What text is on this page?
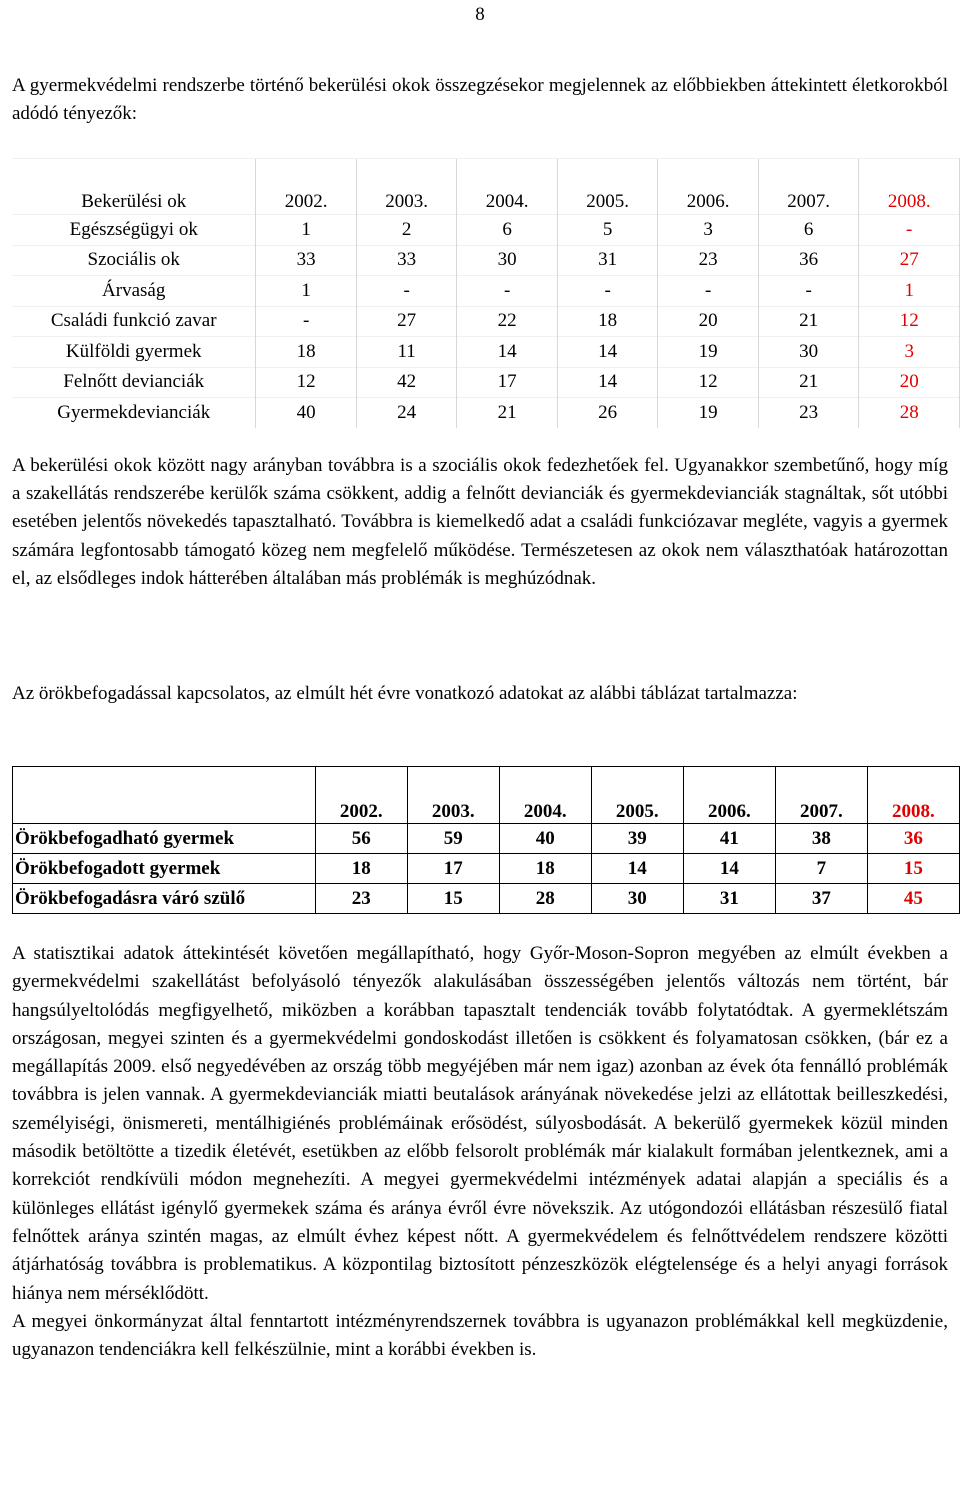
8
A gyermekvédelmi rendszerbe történő bekerülési okok összegzésekor megjelennek az előbbiekben áttekintett életkorokból adódó tényezők:
Bekerülési ok	2002.	2003.	2004.	2005.	2006.	2007.	2008.
Egészségügyi ok	1	2	6	5	3	6	-
Szociális ok	33	33	30	31	23	36	27
Árvaság	1	-	-	-	-	-	1
Családi funkció zavar	-	27	22	18	20	21	12
Külföldi gyermek	18	11	14	14	19	30	3
Felnőtt devianciák	12	42	17	14	12	21	20
Gyermekdevianciák	40	24	21	26	19	23	28
A bekerülési okok között nagy arányban továbbra is a szociális okok fedezhetőek fel. Ugyanakkor szembetűnő, hogy míg a szakellátás rendszerébe kerülők száma csökkent, addig a felnőtt devianciák és gyermekdevianciák stagnáltak, sőt utóbbi esetében jelentős növekedés tapasztalható. Továbbra is kiemelkedő adat a családi funkciózavar megléte, vagyis a gyermek számára legfontosabb támogató közeg nem megfelelő működése. Természetesen az okok nem választhatóak határozottan el, az elsődleges indok hátterében általában más problémák is meghúzódnak.
Az örökbefogadással kapcsolatos, az elmúlt hét évre vonatkozó adatokat az alábbi táblázat tartalmazza:
	2002.	2003.	2004.	2005.	2006.	2007.	2008.
Örökbefogadható gyermek	56	59	40	39	41	38	36
Örökbefogadott gyermek	18	17	18	14	14	7	15
Örökbefogadásra váró szülő	23	15	28	30	31	37	45
A statisztikai adatok áttekintését követően megállapítható, hogy Győr-Moson-Sopron megyében az elmúlt években a gyermekvédelmi szakellátást befolyásoló tényezők alakulásában összességében jelentős változás nem történt, bár hangsúlyeltolódás megfigyelhető, miközben a korábban tapasztalt tendenciák tovább folytatódtak. A gyermeklétszám országosan, megyei szinten és a gyermekvédelmi gondoskodást illetően is csökkent és folyamatosan csökken, (bár ez a megállapítás 2009. első negyedévében az ország több megyéjében már nem igaz) azonban az évek óta fennálló problémák továbbra is jelen vannak. A gyermekdevianciák miatti beutalások arányának növekedése jelzi az ellátottak beilleszkedési, személyiségi, önismereti, mentálhigiénés problémáinak erősödést, súlyosbodását. A bekerülő gyermekek közül minden második betöltötte a tizedik életévét, esetükben az előbb felsorolt problémák már kialakult formában jelentkeznek, ami a korrekciót rendkívüli módon megnehezíti. A megyei gyermekvédelmi intézmények adatai alapján a speciális és a különleges ellátást igénylő gyermekek száma és aránya évről évre növekszik. Az utógondozói ellátásban részesülő fiatal felnőttek aránya szintén magas, az elmúlt évhez képest nőtt. A gyermekvédelem és felnőttvédelem rendszere közötti átjárhatóság továbbra is problematikus. A központilag biztosított pénzeszközök elégtelensége és a helyi anyagi források hiánya nem mérséklődött.
A megyei önkormányzat által fenntartott intézményrendszernek továbbra is ugyanazon problémákkal kell megküzdenie, ugyanazon tendenciákra kell felkészülnie, mint a korábbi években is.
